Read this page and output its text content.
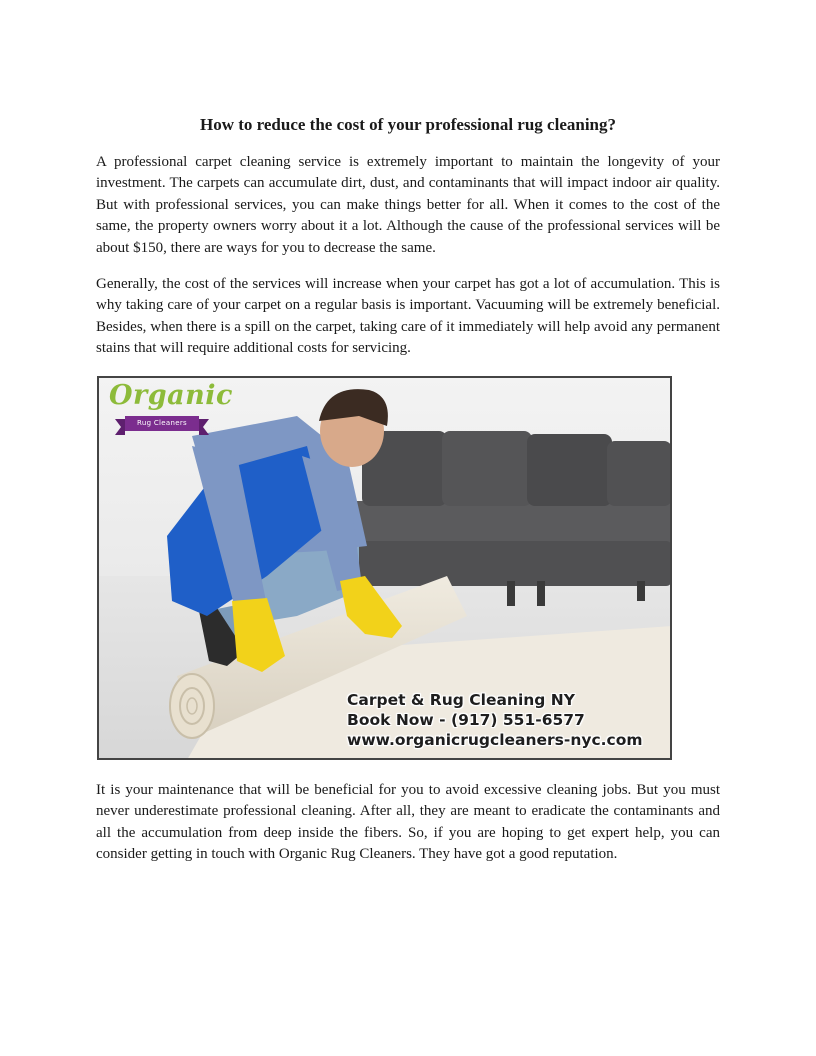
How to reduce the cost of your professional rug cleaning?

A professional carpet cleaning service is extremely important to maintain the longevity of your investment. The carpets can accumulate dirt, dust, and contaminants that will impact indoor air quality. But with professional services, you can make things better for all. When it comes to the cost of the same, the property owners worry about it a lot. Although the cause of the professional services will be about $150, there are ways for you to decrease the same.

Generally, the cost of the services will increase when your carpet has got a lot of accumulation. This is why taking care of your carpet on a regular basis is important. Vacuuming will be extremely beneficial. Besides, when there is a spill on the carpet, taking care of it immediately will help avoid any permanent stains that will require additional costs for servicing.

Organic
Rug Cleaners
Carpet & Rug Cleaning NY
Book Now - (917) 551-6577
www.organicrugcleaners-nyc.com

It is your maintenance that will be beneficial for you to avoid excessive cleaning jobs. But you must never underestimate professional cleaning. After all, they are meant to eradicate the contaminants and all the accumulation from deep inside the fibers. So, if you are hoping to get expert help, you can consider getting in touch with Organic Rug Cleaners. They have got a good reputation.
